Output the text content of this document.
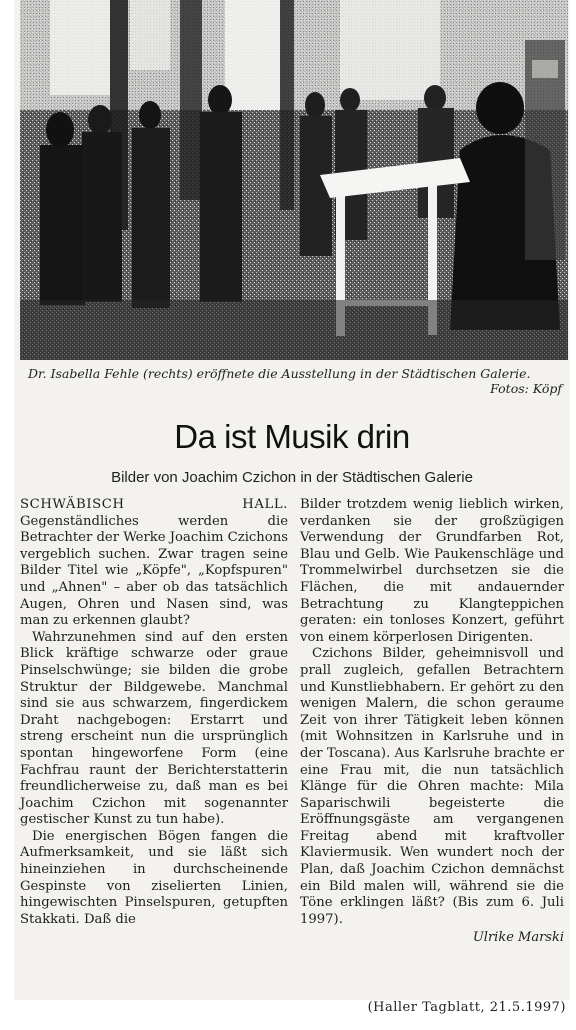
Dr. Isabella Fehle (rechts) eröffnete die Ausstellung in der Städtischen Galerie.
Fotos: Köpf
Da ist Musik drin
Bilder von Joachim Czichon in der Städtischen Galerie

SCHWÄBISCH HALL. Gegenständliches werden die Betrachter der Werke Joachim Czichons vergeblich suchen. Zwar tragen seine Bilder Titel wie „Köpfe", „Kopfspuren" und „Ahnen" – aber ob das tatsächlich Augen, Ohren und Nasen sind, was man zu erkennen glaubt?

Wahrzunehmen sind auf den ersten Blick kräftige schwarze oder graue Pinselschwünge; sie bilden die grobe Struktur der Bildgewebe. Manchmal sind sie aus schwarzem, fingerdickem Draht nachgebogen: Erstarrt und streng erscheint nun die ursprünglich spontan hingeworfene Form (eine Fachfrau raunt der Berichterstatterin freundlicherweise zu, daß man es bei Joachim Czichon mit sogenannter gestischer Kunst zu tun habe).

Die energischen Bögen fangen die Aufmerksamkeit, und sie läßt sich hineinziehen in durchscheinende Gespinste von ziselierten Linien, hingewischten Pinselspuren, getupften Stakkati. Daß die

Bilder trotzdem wenig lieblich wirken, verdanken sie der großzügigen Verwendung der Grundfarben Rot, Blau und Gelb. Wie Paukenschläge und Trommelwirbel durchsetzen sie die Flächen, die mit andauernder Betrachtung zu Klangteppichen geraten: ein tonloses Konzert, geführt von einem körperlosen Dirigenten.

Czichons Bilder, geheimnisvoll und prall zugleich, gefallen Betrachtern und Kunstliebhabern. Er gehört zu den wenigen Malern, die schon geraume Zeit von ihrer Tätigkeit leben können (mit Wohnsitzen in Karlsruhe und in der Toscana). Aus Karlsruhe brachte er eine Frau mit, die nun tatsächlich Klänge für die Ohren machte: Mila Saparischwili begeisterte die Eröffnungsgäste am vergangenen Freitag abend mit kraftvoller Klaviermusik. Wen wundert noch der Plan, daß Joachim Czichon demnächst ein Bild malen will, während sie die Töne erklingen läßt? (Bis zum 6. Juli 1997).

Ulrike Marski
(Haller Tagblatt, 21.5.1997)
